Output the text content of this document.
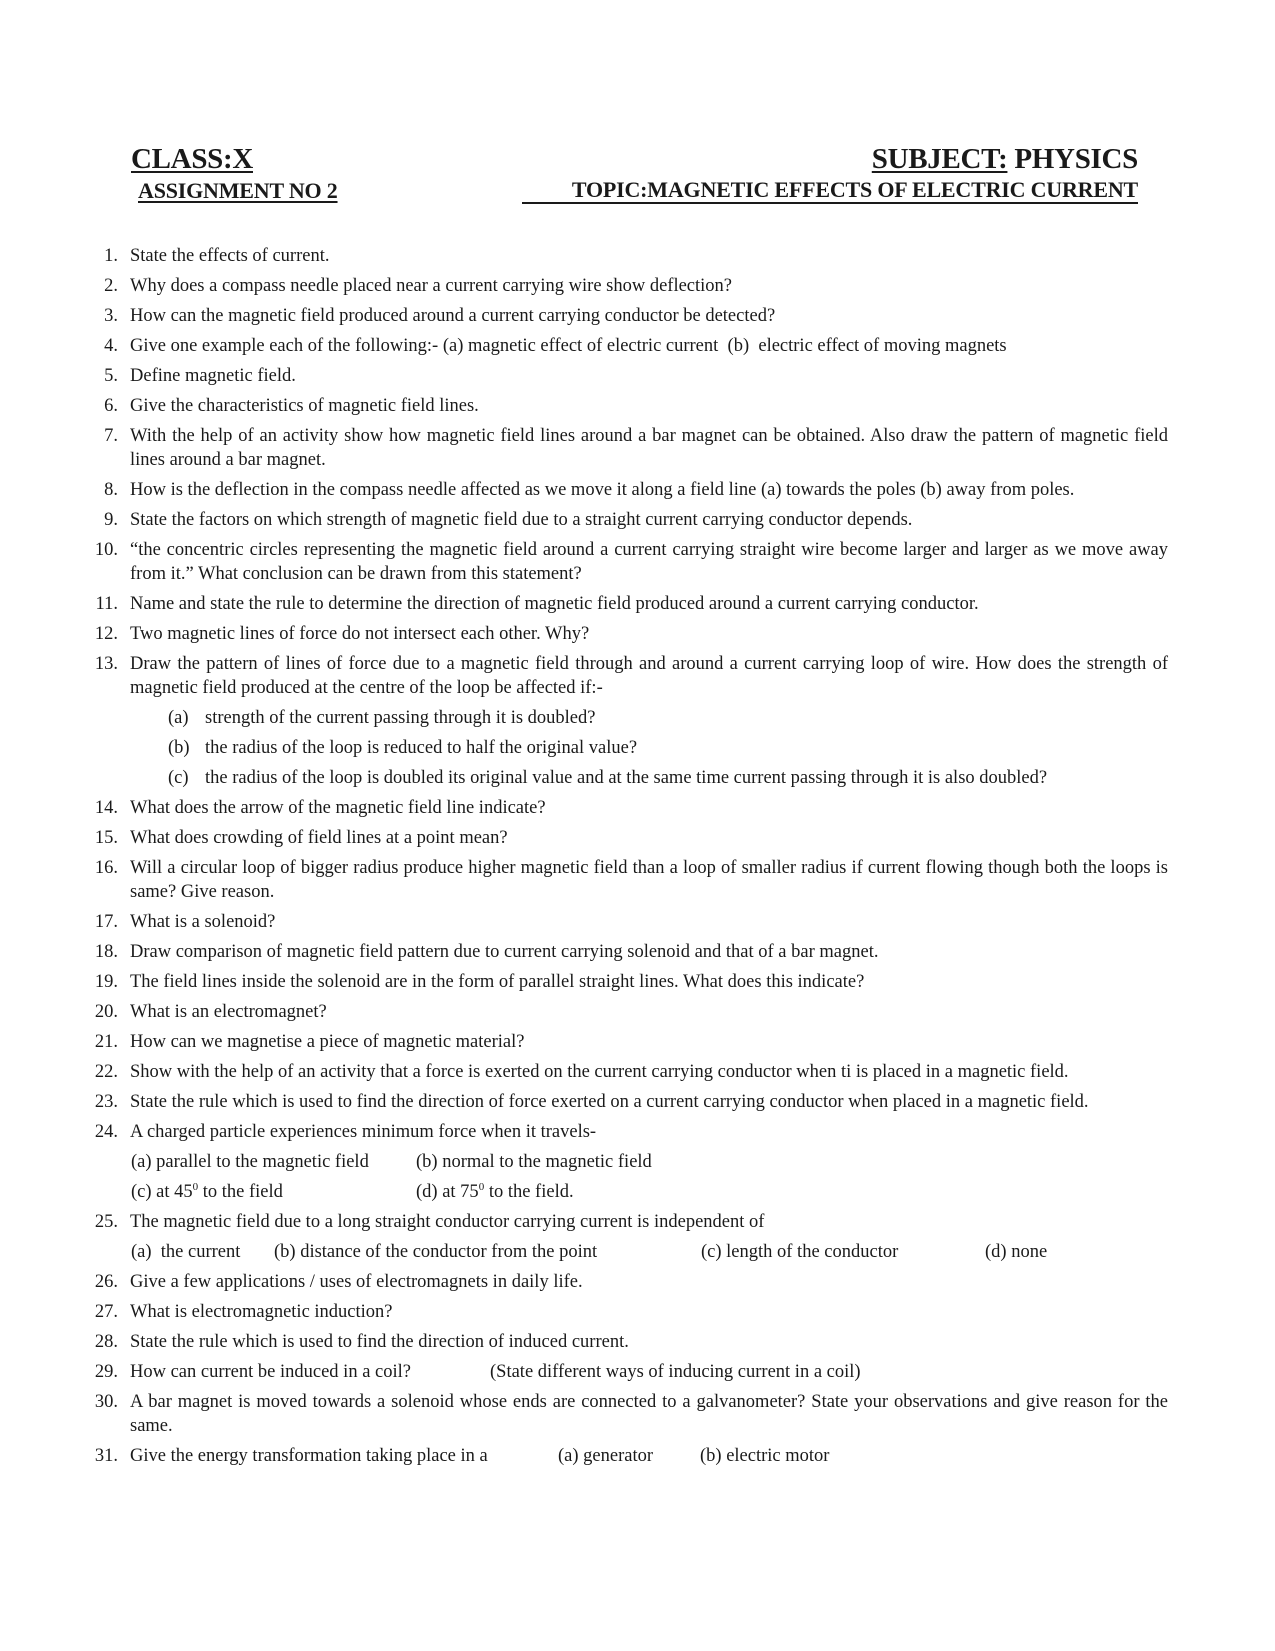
CLASS:X	SUBJECT: PHYSICS
ASSIGNMENT NO 2	TOPIC:MAGNETIC EFFECTS OF ELECTRIC CURRENT
1. State the effects of current.
2. Why does a compass needle placed near a current carrying wire show deflection?
3. How can the magnetic field produced around a current carrying conductor be detected?
4. Give one example each of the following:- (a) magnetic effect of electric current  (b)  electric effect of moving magnets
5. Define magnetic field.
6. Give the characteristics of magnetic field lines.
7. With the help of an activity show how magnetic field lines around a bar magnet can be obtained. Also draw the pattern of magnetic field lines around a bar magnet.
8. How is the deflection in the compass needle affected as we move it along a field line (a) towards the poles (b) away from poles.
9. State the factors on which strength of magnetic field due to a straight current carrying conductor depends.
10. “the concentric circles representing the magnetic field around a current carrying straight wire become larger and larger as we move away from it.” What conclusion can be drawn from this statement?
11. Name and state the rule to determine the direction of magnetic field produced around a current carrying conductor.
12. Two magnetic lines of force do not intersect each other. Why?
13. Draw the pattern of lines of force due to a magnetic field through and around a current carrying loop of wire. How does the strength of magnetic field produced at the centre of the loop be affected if:-
(a) strength of the current passing through it is doubled?
(b) the radius of the loop is reduced to half the original value?
(c) the radius of the loop is doubled its original value and at the same time current passing through it is also doubled?
14. What does the arrow of the magnetic field line indicate?
15. What does crowding of field lines at a point mean?
16. Will a circular loop of bigger radius produce higher magnetic field than a loop of smaller radius if current flowing though both the loops is same? Give reason.
17. What is a solenoid?
18. Draw comparison of magnetic field pattern due to current carrying solenoid and that of a bar magnet.
19. The field lines inside the solenoid are in the form of parallel straight lines. What does this indicate?
20. What is an electromagnet?
21. How can we magnetise a piece of magnetic material?
22. Show with the help of an activity that a force is exerted on the current carrying conductor when ti is placed in a magnetic field.
23. State the rule which is used to find the direction of force exerted on a current carrying conductor when placed in a magnetic field.
24. A charged particle experiences minimum force when it travels-
(a) parallel to the magnetic field	(b) normal to the magnetic field
(c) at $45^0$ to the field	(d) at $75^0$ to the field.
25. The magnetic field due to a long straight conductor carrying current is independent of
(a)  the current (b) distance of the conductor from the point	(c) length of the conductor	(d) none
26. Give a few applications / uses of electromagnets in daily life.
27. What is electromagnetic induction?
28. State the rule which is used to find the direction of induced current.
29. How can current be induced in a coil?	(State different ways of inducing current in a coil)
30. A bar magnet is moved towards a solenoid whose ends are connected to a galvanometer? State your observations and give reason for the same.
31. Give the energy transformation taking place in a	(a) generator	(b) electric motor
